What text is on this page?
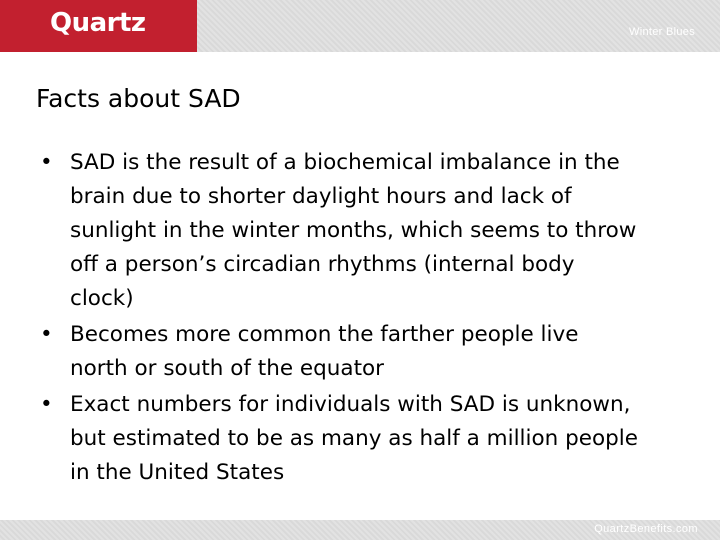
Quartz	Winter Blues
Facts about SAD
• SAD is the result of a biochemical imbalance in the brain due to shorter daylight hours and lack of sunlight in the winter months, which seems to throw off a person’s circadian rhythms (internal body clock)
• Becomes more common the farther people live north or south of the equator
• Exact numbers for individuals with SAD is unknown, but estimated to be as many as half a million people in the United States
QuartzBenefits.com
